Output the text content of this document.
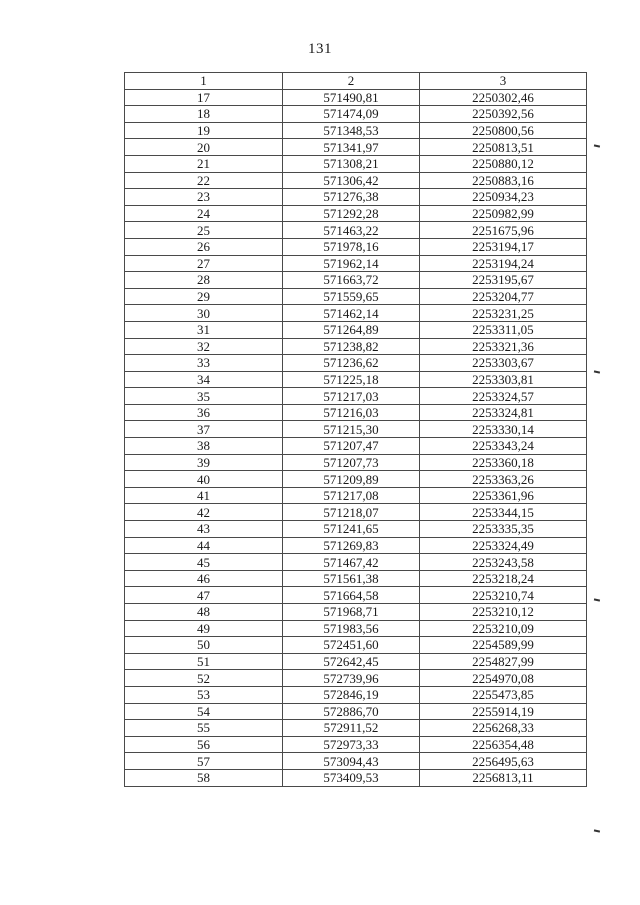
131
1	2	3
17	571490,81	2250302,46
18	571474,09	2250392,56
19	571348,53	2250800,56
20	571341,97	2250813,51
21	571308,21	2250880,12
22	571306,42	2250883,16
23	571276,38	2250934,23
24	571292,28	2250982,99
25	571463,22	2251675,96
26	571978,16	2253194,17
27	571962,14	2253194,24
28	571663,72	2253195,67
29	571559,65	2253204,77
30	571462,14	2253231,25
31	571264,89	2253311,05
32	571238,82	2253321,36
33	571236,62	2253303,67
34	571225,18	2253303,81
35	571217,03	2253324,57
36	571216,03	2253324,81
37	571215,30	2253330,14
38	571207,47	2253343,24
39	571207,73	2253360,18
40	571209,89	2253363,26
41	571217,08	2253361,96
42	571218,07	2253344,15
43	571241,65	2253335,35
44	571269,83	2253324,49
45	571467,42	2253243,58
46	571561,38	2253218,24
47	571664,58	2253210,74
48	571968,71	2253210,12
49	571983,56	2253210,09
50	572451,60	2254589,99
51	572642,45	2254827,99
52	572739,96	2254970,08
53	572846,19	2255473,85
54	572886,70	2255914,19
55	572911,52	2256268,33
56	572973,33	2256354,48
57	573094,43	2256495,63
58	573409,53	2256813,11
